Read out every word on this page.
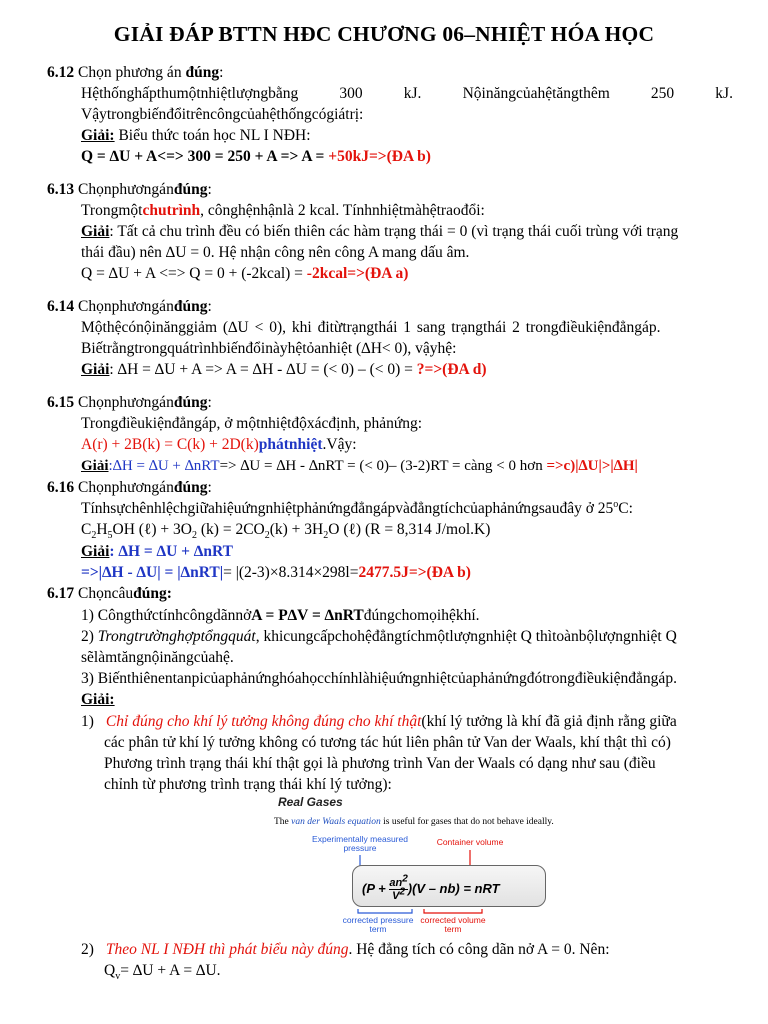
GIẢI ĐÁP BTTN HĐC CHƯƠNG 06–NHIỆT HÓA HỌC
6.12 Chọn phương án đúng:
Hệthốnghấpthumộtnhiệtlượngbằng	300	kJ.	Nộinăngcủahệtăngthêm	250	kJ.
Vậytrongbiếnđổitrêncôngcủahệthốngcógiátrị:
Giải: Biểu thức toán học NL I NĐH:
Q = ∆U + A<=> 300 = 250 + A => A = +50kJ=>(ĐA b)
6.13 Chọnphươngánđúng:
Trongmộtchutrình, cônghệnhậnlà 2 kcal. Tínhnhiệtmàhệtraođổi:
Giải: Tất cả chu trình đều có biến thiên các hàm trạng thái = 0 (vì trạng thái cuối trùng với trạng
thái đầu) nên ∆U = 0. Hệ nhận công nên công A mang dấu âm.
Q = ∆U + A <=> Q = 0 + (-2kcal) = -2kcal=>(ĐA a)
6.14 Chọnphươngánđúng:
Mộthệcónộinănggiảm (∆U < 0), khi đitừtrạngthái 1 sang trạngthái 2 trongđiềukiệnđẳngáp.
Biếtrằngtrongquátrìnhbiếnđổinàyhệtỏanhiệt (∆H< 0), vậyhệ:
Giải: ∆H = ∆U + A => A = ∆H - ∆U = (< 0) – (< 0) = ?=>(ĐA d)
6.15 Chọnphươngánđúng:
Trongđiềukiệnđẳngáp, ở mộtnhiệtđộxácđịnh, phảnứng:
A(r) + 2B(k) = C(k) + 2D(k)phátnhiệt.Vậy:
Giải:∆H = ∆U + ∆nRT=> ∆U = ∆H - ∆nRT = (< 0)– (3-2)RT = càng < 0 hơn =>c)|∆U|>|∆H|
6.16 Chọnphươngánđúng:
Tínhsựchênhlệchgiữahiệuứngnhiệtphảnứngđẳngápvàđẳngtíchcủaphảnứngsauđây ở 25$^o$C:
$C_2H_5OH$ (ℓ) + $3O_2$ $(k) = 2CO_2(k) + 3H_2O$ (ℓ) (R = 8,314 J/mol.K)
Giải: ∆H = ∆U + ∆nRT
=>|∆H - ∆U| = |∆nRT|= |(2-3)×8.314×298l=2477.5J=>(ĐA b)
6.17 Chọncâuđúng:
1) CôngthứctínhcôngdãnnởA = P∆V = ∆nRTđúngchomọihệkhí.
2) Trongtrườnghợptổngquát, khicungcấpchohệđẳngtíchmộtlượngnhiệt Q thìtoànbộlượngnhiệt Q
sẽlàmtăngnộinăngcủahệ.
3) Biếnthiênentanpicủaphảnứnghóahọcchínhlàhiệuứngnhiệtcủaphảnứngđótrongđiềukiệnđẳngáp.
Giải:
1) Chỉ đúng cho khí lý tưởng không đúng cho khí thật(khí lý tưởng là khí đã giả định rằng giữa
các phân tử khí lý tưởng không có tương tác hút liên phân tử Van der Waals, khí thật thì có)
Phương trình trạng thái khí thật gọi là phương trình Van der Waals có dạng như sau (điều
chỉnh từ phương trình trạng thái khí lý tưởng):
Real Gases
The van der Waals equation is useful for gases that do not behave ideally.
Experimentally measured pressure
Container volume
$(P + \frac{an^2}{V^2} )(V - nb)$ = nRT
corrected pressure term
corrected volume term
2) Theo NL I NĐH thì phát biểu này đúng. Hệ đẳng tích có công dãn nở A = 0. Nên:
$Q_v= \Delta U + A = \Delta U$.
